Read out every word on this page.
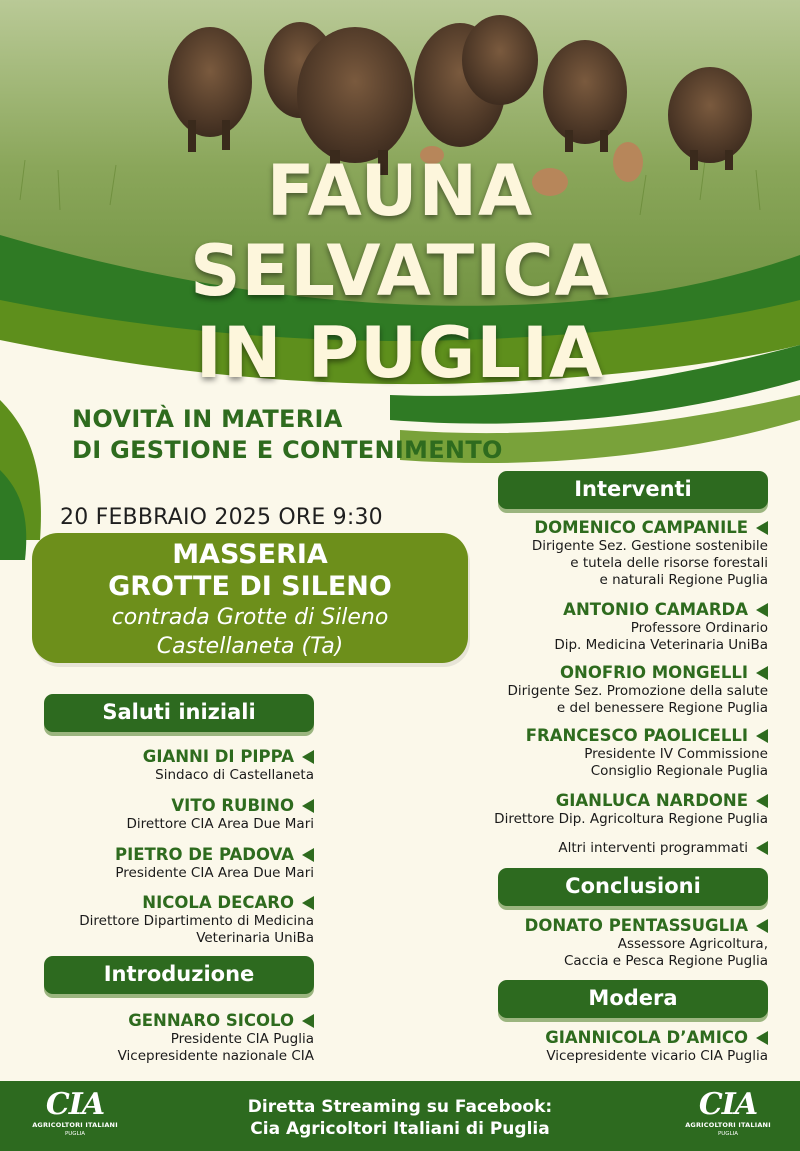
FAUNA
SELVATICA
IN PUGLIA
NOVITÀ IN MATERIA
DI GESTIONE E CONTENIMENTO
20 FEBBRAIO 2025 ORE 9:30
MASSERIA
GROTTE DI SILENO
contrada Grotte di Sileno
Castellaneta (Ta)
Saluti iniziali
GIANNI DI PIPPA
Sindaco di Castellaneta
VITO RUBINO
Direttore CIA Area Due Mari
PIETRO DE PADOVA
Presidente CIA Area Due Mari
NICOLA DECARO
Direttore Dipartimento di Medicina
Veterinaria UniBa
Introduzione
GENNARO SICOLO
Presidente CIA Puglia
Vicepresidente nazionale CIA
Interventi
DOMENICO CAMPANILE
Dirigente Sez. Gestione sostenibile
e tutela delle risorse forestali
e naturali Regione Puglia
ANTONIO CAMARDA
Professore Ordinario
Dip. Medicina Veterinaria UniBa
ONOFRIO MONGELLI
Dirigente Sez. Promozione della salute
e del benessere Regione Puglia
FRANCESCO PAOLICELLI
Presidente IV Commissione
Consiglio Regionale Puglia
GIANLUCA NARDONE
Direttore Dip. Agricoltura Regione Puglia
Altri interventi programmati
Conclusioni
DONATO PENTASSUGLIA
Assessore Agricoltura,
Caccia e Pesca Regione Puglia
Modera
GIANNICOLA D’AMICO
Vicepresidente vicario CIA Puglia
CIA
AGRICOLTORI ITALIANI
PUGLIA
Diretta Streaming su Facebook:
Cia Agricoltori Italiani di Puglia
CIA
AGRICOLTORI ITALIANI
PUGLIA
